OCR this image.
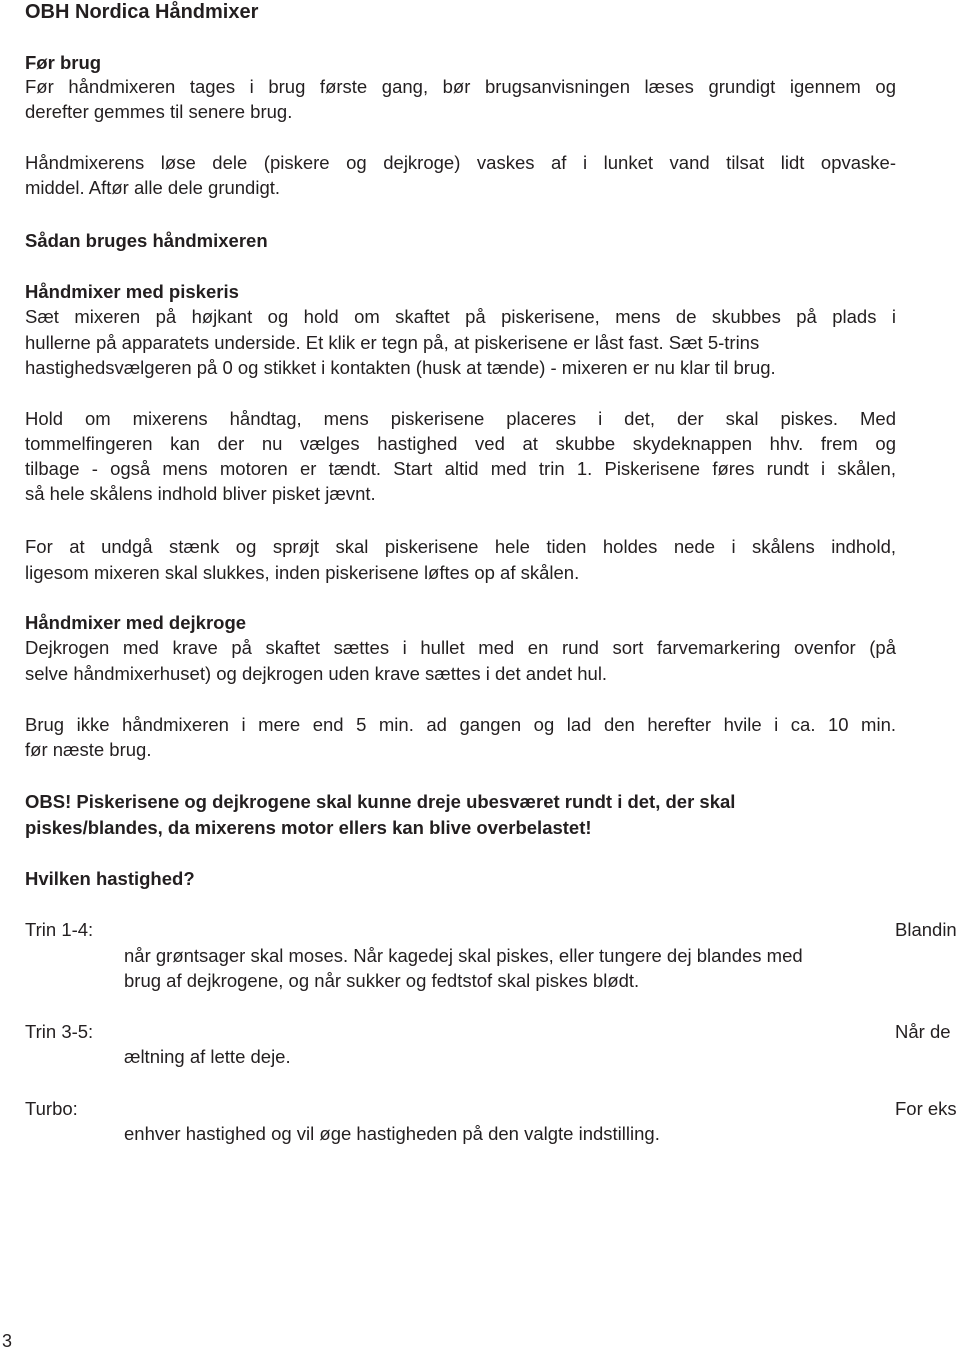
OBH Nordica Håndmixer
Før brug
Før håndmixeren tages i brug første gang, bør brugsanvisningen læses grundigt igennem og
derefter gemmes til senere brug.
Håndmixerens løse dele (piskere og dejkroge) vaskes af i lunket vand tilsat lidt opvaske-
middel. Aftør alle dele grundigt.
Sådan bruges håndmixeren
Håndmixer med piskeris
Sæt mixeren på højkant og hold om skaftet på piskerisene, mens de skubbes på plads i
hullerne på apparatets underside. Et klik er tegn på, at piskerisene er låst fast. Sæt 5-trins
hastighedsvælgeren på 0 og stikket i kontakten (husk at tænde) - mixeren er nu klar til brug.
Hold om mixerens håndtag, mens piskerisene placeres i det, der skal piskes. Med
tommelfingeren kan der nu vælges hastighed ved at skubbe skydeknappen hhv. frem og
tilbage - også mens motoren er tændt. Start altid med trin 1. Piskerisene føres rundt i skålen,
så hele skålens indhold bliver pisket jævnt.
For at undgå stænk og sprøjt skal piskerisene hele tiden holdes nede i skålens indhold,
ligesom mixeren skal slukkes, inden piskerisene løftes op af skålen.
Håndmixer med dejkroge
Dejkrogen med krave på skaftet sættes i hullet med en rund sort farvemarkering ovenfor (på
selve håndmixerhuset) og dejkrogen uden krave sættes i det andet hul.
Brug ikke håndmixeren i mere end 5 min. ad gangen og lad den herefter hvile i ca. 10 min.
før næste brug.
OBS! Piskerisene og dejkrogene skal kunne dreje ubesværet rundt i det, der skal
piskes/blandes, da mixerens motor ellers kan blive overbelastet!
Hvilken hastighed?
Trin 1-4:	Blandin
når grøntsager skal moses. Når kagedej skal piskes, eller tungere dej blandes med
brug af dejkrogene, og når sukker og fedtstof skal piskes blødt.
Trin 3-5:	Når de
æltning af lette deje.
Turbo:	For eks
enhver hastighed og vil øge hastigheden på den valgte indstilling.
3
